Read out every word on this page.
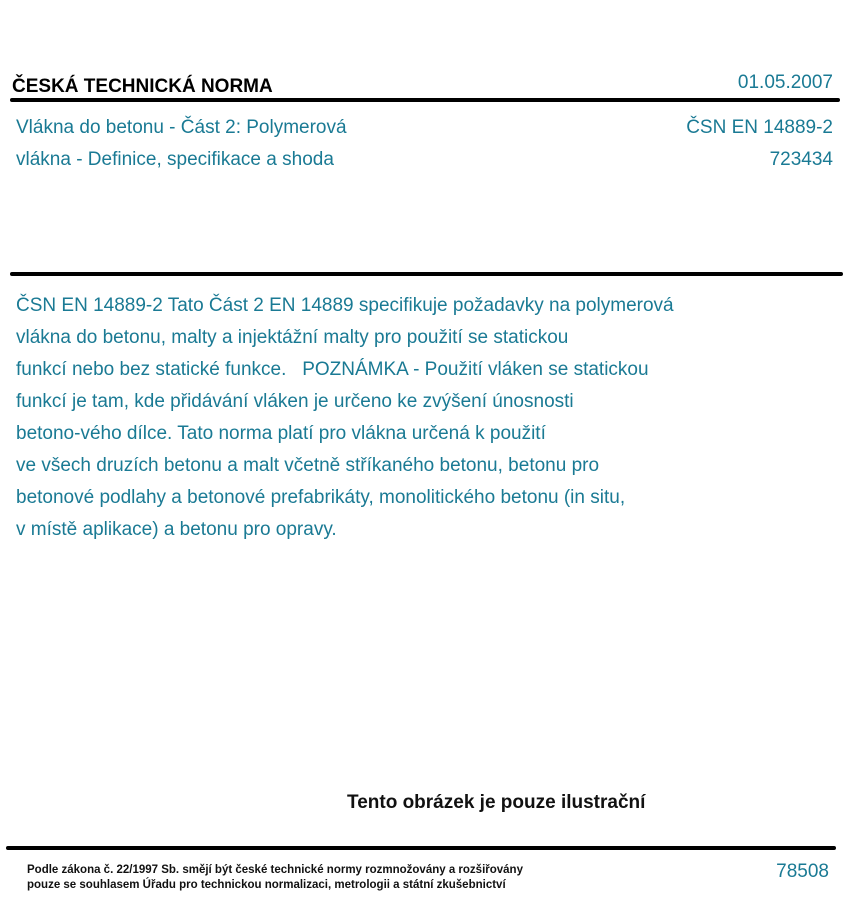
ČESKÁ TECHNICKÁ NORMA	01.05.2007
Vlákna do betonu - Část 2: Polymerová
vlákna - Definice, specifikace a shoda
ČSN EN 14889-2
723434
ČSN EN 14889-2 Tato Část 2 EN 14889 specifikuje požadavky na polymerová
vlákna do betonu, malty a injektážní malty pro použití se statickou
funkcí nebo bez statické funkce.   POZNÁMKA - Použití vláken se statickou
funkcí je tam, kde přidávání vláken je určeno ke zvýšení únosnosti
betono-vého dílce. Tato norma platí pro vlákna určená k použití
ve všech druzích betonu a malt včetně stříkaného betonu, betonu pro
betonové podlahy a betonové prefabrikáty, monolitického betonu (in situ,
v místě aplikace) a betonu pro opravy.
Tento obrázek je pouze ilustrační
Podle zákona č. 22/1997 Sb. smějí být české technické normy rozmnožovány a rozšiřovány
pouze se souhlasem Úřadu pro technickou normalizaci, metrologii a státní zkušebnictví
78508
